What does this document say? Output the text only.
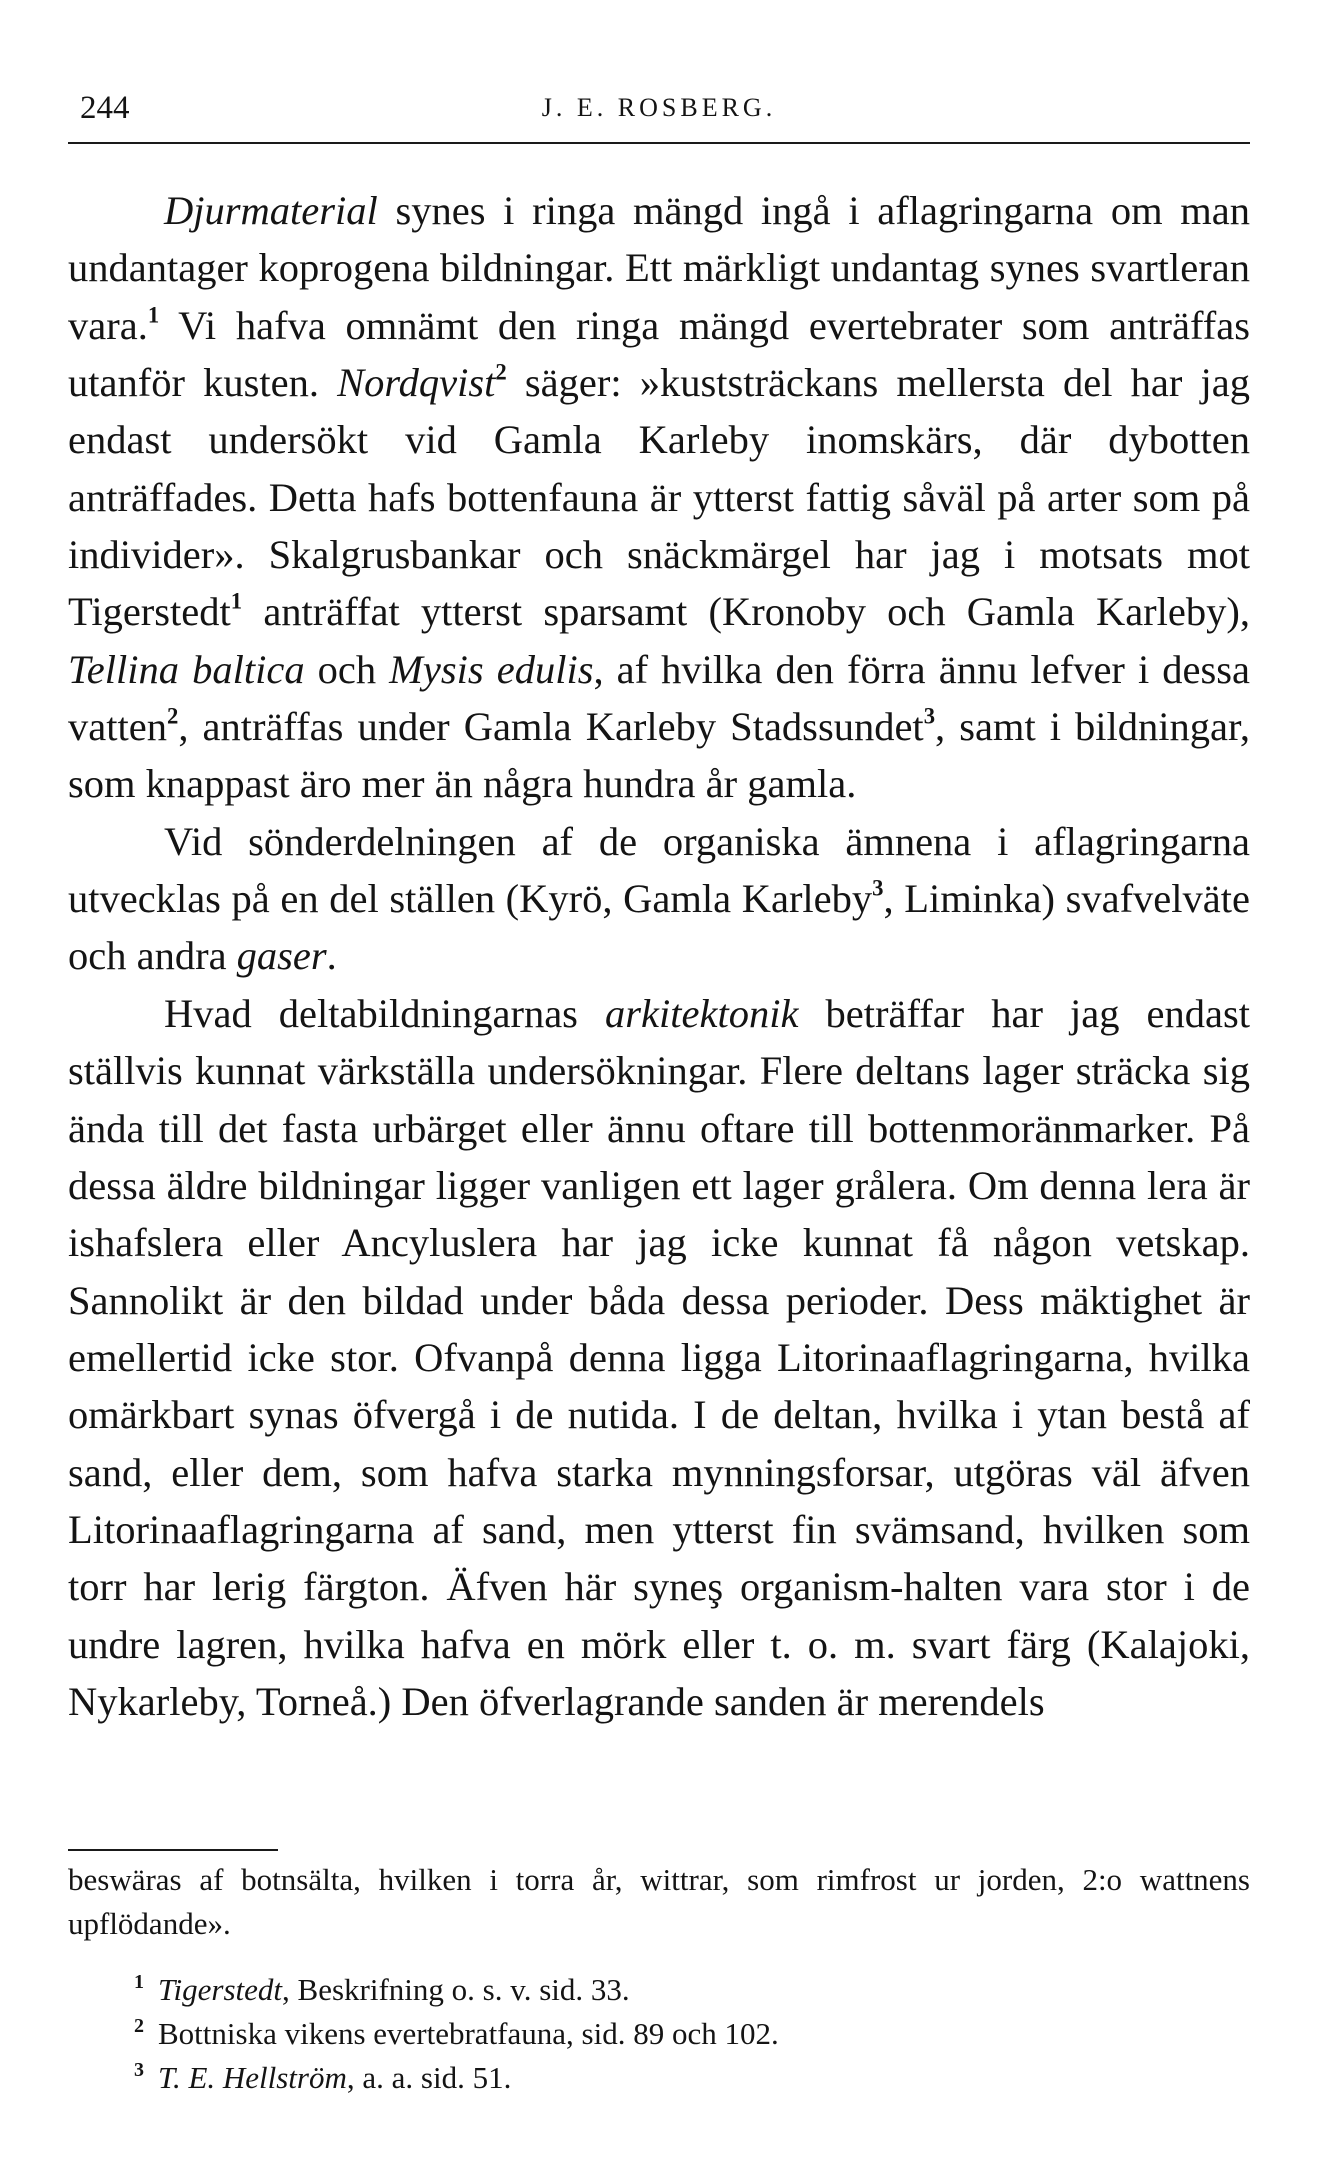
244	J. E. ROSBERG.

Djurmaterial synes i ringa mängd ingå i aflagringarna om man undantager koprogena bildningar. Ett märkligt undantag synes svartleran vara.$^1$ Vi hafva omnämt den ringa mängd evertebrater som anträffas utanför kusten. Nordqvist$^2$ säger: »kuststräckans mellersta del har jag endast undersökt vid Gamla Karleby inomskärs, där dybotten anträffades. Detta hafs bottenfauna är ytterst fattig såväl på arter som på individer». Skalgrusbankar och snäckmärgel har jag i motsats mot Tigerstedt$^1$ anträffat ytterst sparsamt (Kronoby och Gamla Karleby), Tellina baltica och Mysis edulis, af hvilka den förra ännu lefver i dessa vatten$^2$, anträffas under Gamla Karleby Stadssundet$^3$, samt i bildningar, som knappast äro mer än några hundra år gamla.

Vid sönderdelningen af de organiska ämnena i aflagringarna utvecklas på en del ställen (Kyrö, Gamla Karleby$^3$, Liminka) svafvelväte och andra gaser.

Hvad deltabildningarnas arkitektonik beträffar har jag endast ställvis kunnat värkställa undersökningar. Flere deltans lager sträcka sig ända till det fasta urbärget eller ännu oftare till bottenmoränmarker. På dessa äldre bildningar ligger vanligen ett lager grålera. Om denna lera är ishafslera eller Ancyluslera har jag icke kunnat få någon vetskap. Sannolikt är den bildad under båda dessa perioder. Dess mäktighet är emellertid icke stor. Ofvanpå denna ligga Litorinaaflagringarna, hvilka omärkbart synas öfvergå i de nutida. I de deltan, hvilka i ytan bestå af sand, eller dem, som hafva starka mynningsforsar, utgöras väl äfven Litorinaaflagringarna af sand, men ytterst fin svämsand, hvilken som torr har lerig färgton. Äfven här syneş organism-halten vara stor i de undre lagren, hvilka hafva en mörk eller t. o. m. svart färg (Kalajoki, Nykarleby, Torneå.) Den öfverlagrande sanden är merendels

beswäras af botnsälta, hvilken i torra år, wittrar, som rimfrost ur jorden, 2:o wattnens upflödande».
1 Tigerstedt, Beskrifning o. s. v. sid. 33.
2 Bottniska vikens evertebratfauna, sid. 89 och 102.
3 T. E. Hellström, a. a. sid. 51.
